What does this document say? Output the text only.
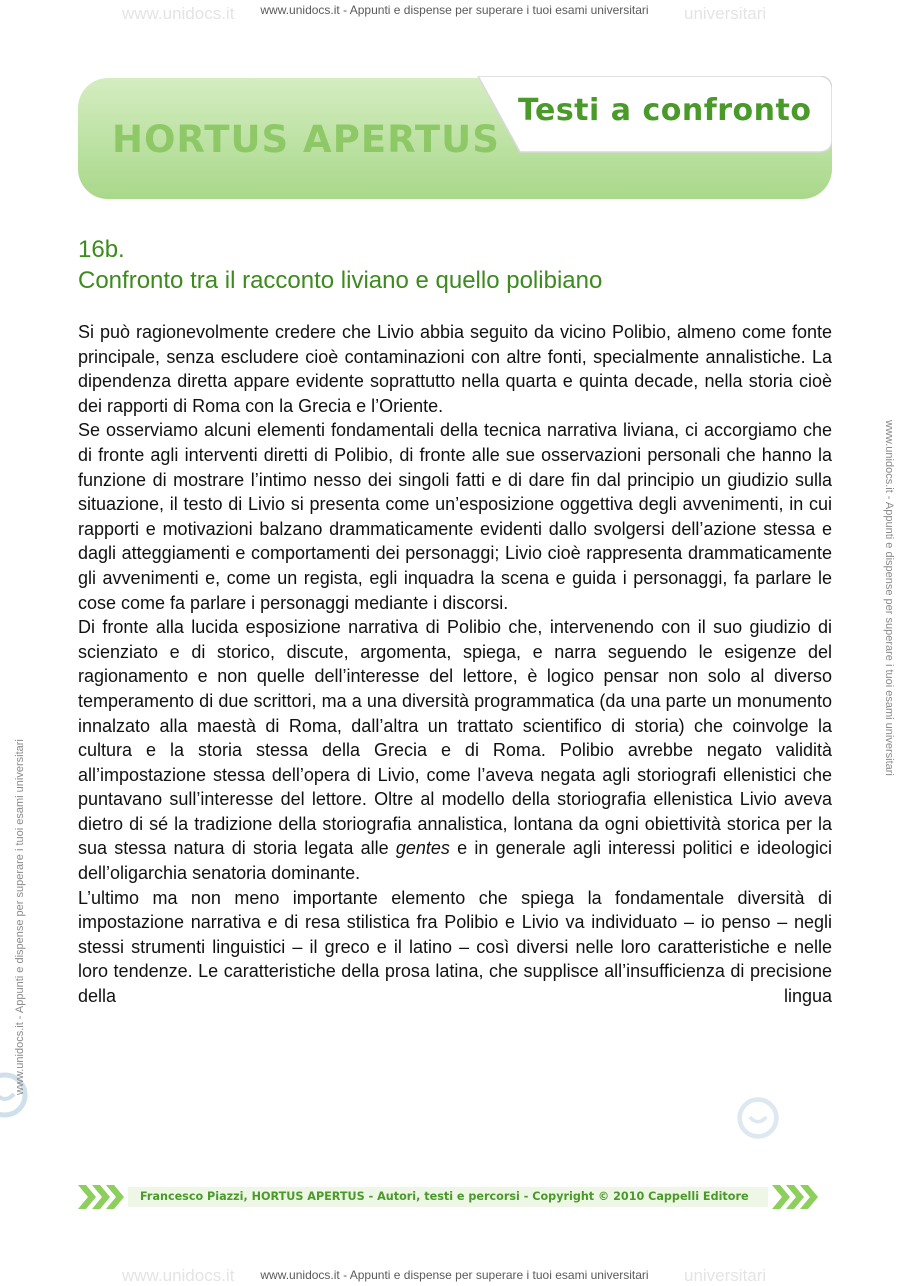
www.unidocs.it	universitari
www.unidocs.it	universitari
www.unidocs.it - Appunti e dispense per superare i tuoi esami universitari
www.unidocs.it - Appunti e dispense per superare i tuoi esami universitari
www.unidocs.it - Appunti e dispense per superare i tuoi esami universitari
www.unidocs.it - Appunti e dispense per superare i tuoi esami universitari
HORTUS APERTUS
Testi a confronto
16b.
Confronto tra il racconto liviano e quello polibiano

Si può ragionevolmente credere che Livio abbia seguito da vicino Polibio, almeno come fonte principale, senza escludere cioè contaminazioni con altre fonti, specialmente annalistiche. La dipendenza diretta appare evidente soprattutto nella quarta e quinta decade, nella storia cioè dei rapporti di Roma con la Grecia e l’Oriente.

Se osserviamo alcuni elementi fondamentali della tecnica narrativa liviana, ci accorgiamo che di fronte agli interventi diretti di Polibio, di fronte alle sue osservazioni personali che hanno la funzione di mostrare l’intimo nesso dei singoli fatti e di dare fin dal principio un giudizio sulla situazione, il testo di Livio si presenta come un’esposizione oggettiva degli avvenimenti, in cui rapporti e motivazioni balzano drammaticamente evidenti dallo svolgersi dell’azione stessa e dagli atteggiamenti e comportamenti dei personaggi; Livio cioè rappresenta drammaticamente gli avvenimenti e, come un regista, egli inquadra la scena e guida i personaggi, fa parlare le cose come fa parlare i personaggi mediante i discorsi.

Di fronte alla lucida esposizione narrativa di Polibio che, intervenendo con il suo giudizio di scienziato e di storico, discute, argomenta, spiega, e narra seguendo le esigenze del ragionamento e non quelle dell’interesse del lettore, è logico pensar non solo al diverso temperamento di due scrittori, ma a una diversità programmatica (da una parte un monumento innalzato alla maestà di Roma, dall’altra un trattato scientifico di storia) che coinvolge la cultura e la storia stessa della Grecia e di Roma. Polibio avrebbe negato validità all’impostazione stessa dell’opera di Livio, come l’aveva negata agli storiografi ellenistici che puntavano sull’interesse del lettore. Oltre al modello della storiografia ellenistica Livio aveva dietro di sé la tradizione della storiografia annalistica, lontana da ogni obiettività storica per la sua stessa natura di storia legata alle gentes e in generale agli interessi politici e ideologici dell’oligarchia senatoria dominante.

L’ultimo ma non meno importante elemento che spiega la fondamentale diversità di impostazione narrativa e di resa stilistica fra Polibio e Livio va individuato – io penso – negli stessi strumenti linguistici – il greco e il latino – così diversi nelle loro caratteristiche e nelle loro tendenze. Le caratteristiche della prosa latina, che supplisce all’insufficienza di precisione della lingua

Francesco Piazzi, HORTUS APERTUS - Autori, testi e percorsi - Copyright © 2010 Cappelli Editore
